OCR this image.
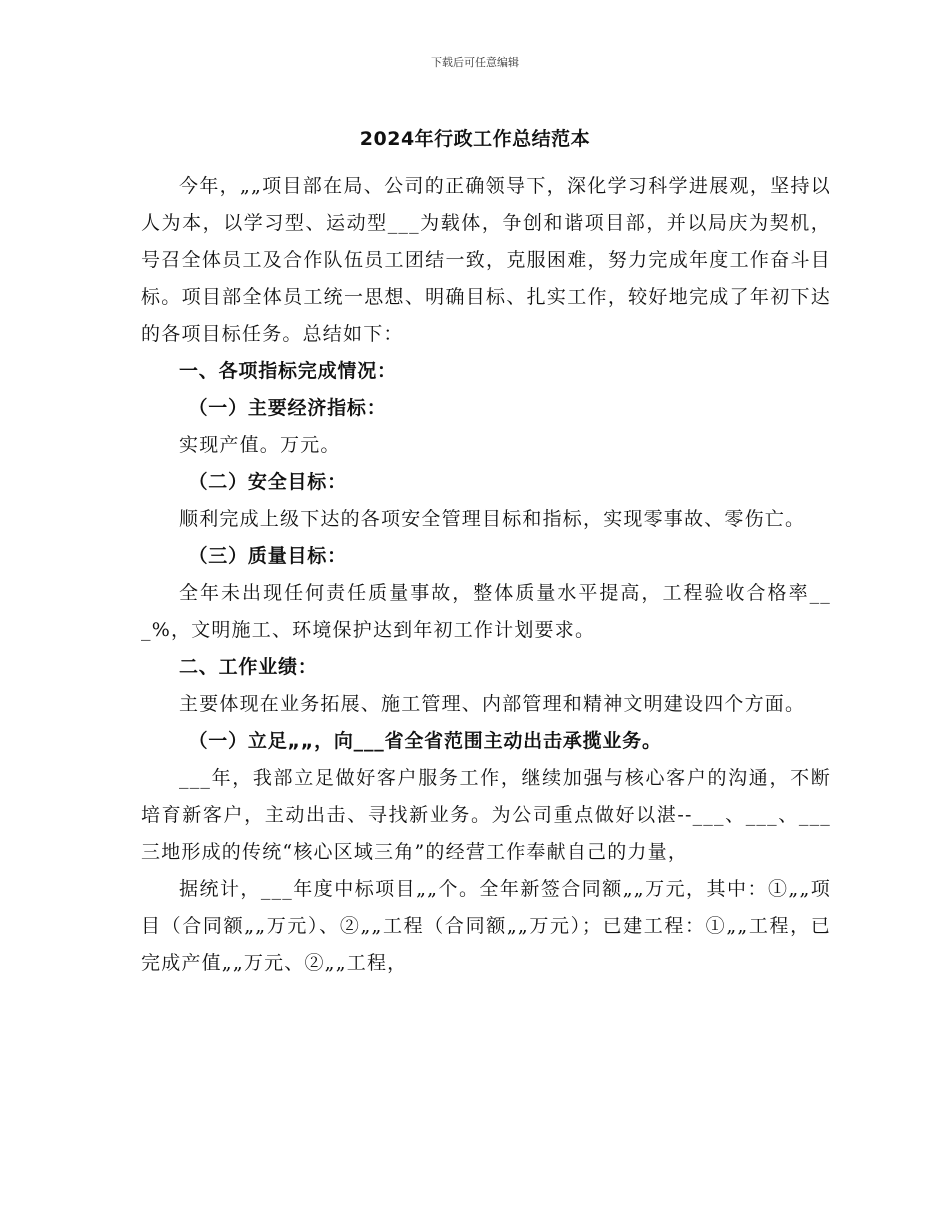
下载后可任意编辑
2024年行政工作总结范本

今年，„„项目部在局、公司的正确领导下，深化学习科学进展观，坚持以人为本，以学习型、运动型___为载体，争创和谐项目部，并以局庆为契机，号召全体员工及合作队伍员工团结一致，克服困难，努力完成年度工作奋斗目标。项目部全体员工统一思想、明确目标、扎实工作，较好地完成了年初下达的各项目标任务。总结如下：

一、各项指标完成情况：

（一）主要经济指标：

实现产值。万元。

（二）安全目标：

顺利完成上级下达的各项安全管理目标和指标，实现零事故、零伤亡。

（三）质量目标：

全年未出现任何责任质量事故，整体质量水平提高，工程验收合格率___%，文明施工、环境保护达到年初工作计划要求。

二、工作业绩：

主要体现在业务拓展、施工管理、内部管理和精神文明建设四个方面。

（一）立足„„，向___省全省范围主动出击承揽业务。

___年，我部立足做好客户服务工作，继续加强与核心客户的沟通，不断培育新客户，主动出击、寻找新业务。为公司重点做好以湛--___、___、___三地形成的传统“核心区域三角”的经营工作奉献自己的力量，

据统计，___年度中标项目„„个。全年新签合同额„„万元，其中：①„„项目（合同额„„万元）、②„„工程（合同额„„万元）；已建工程：①„„工程，已完成产值„„万元、②„„工程，
